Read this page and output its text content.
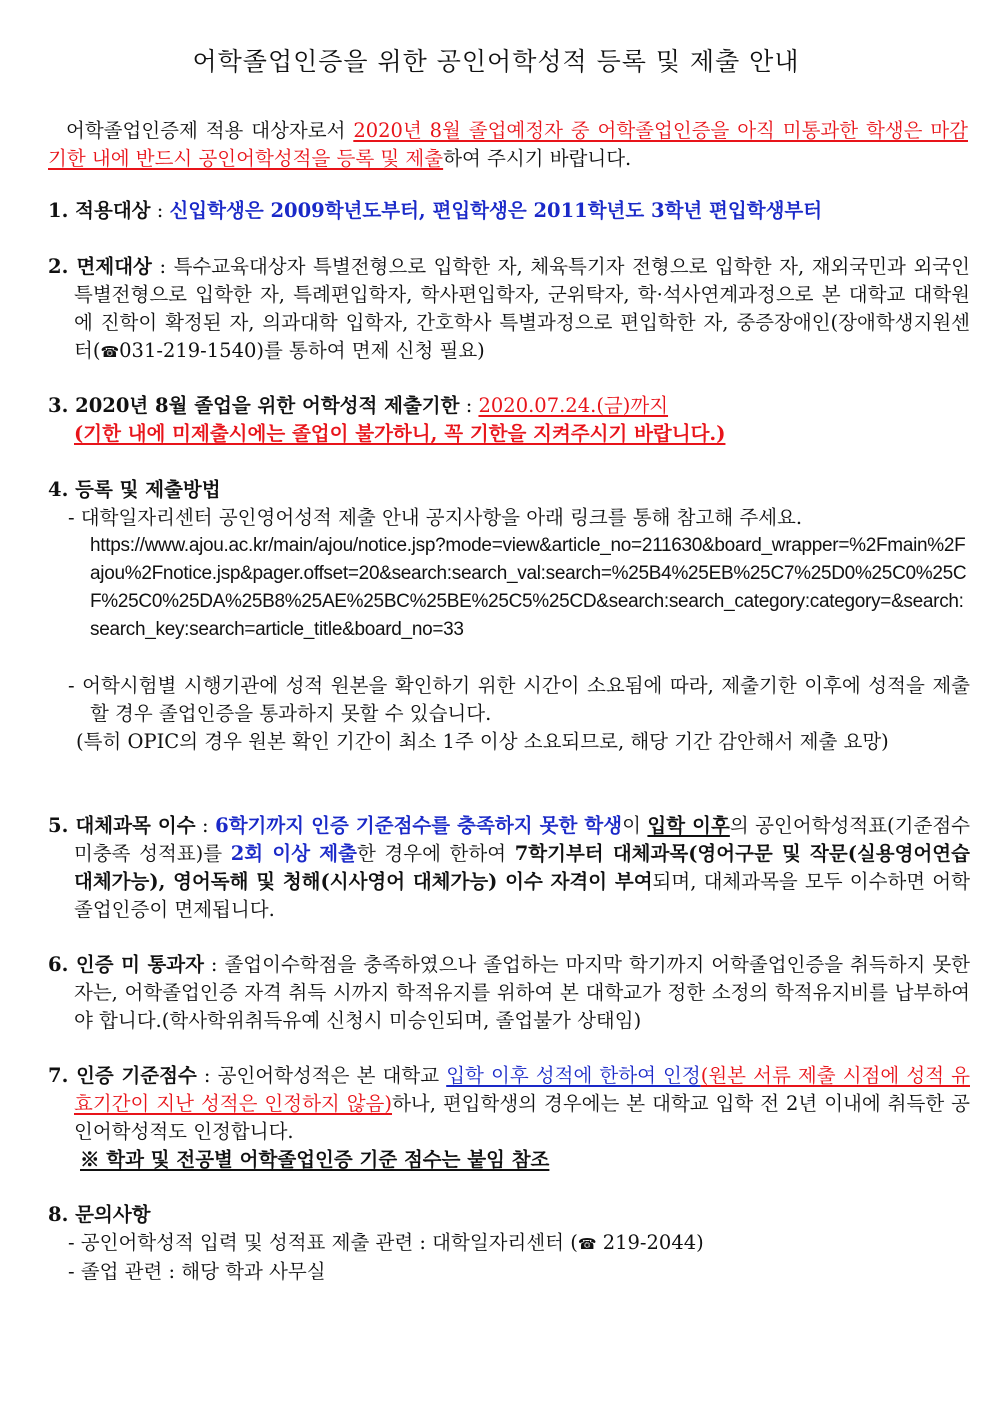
어학졸업인증을 위한 공인어학성적 등록 및 제출 안내

어학졸업인증제 적용 대상자로서 2020년 8월 졸업예정자 중 어학졸업인증을 아직 미통과한 학생은 마감 기한 내에 반드시 공인어학성적을 등록 및 제출하여 주시기 바랍니다.

1. 적용대상 : 신입학생은 2009학년도부터, 편입학생은 2011학년도 3학년 편입학생부터

2. 면제대상 : 특수교육대상자 특별전형으로 입학한 자, 체육특기자 전형으로 입학한 자, 재외국민과 외국인 특별전형으로 입학한 자, 특례편입학자, 학사편입학자, 군위탁자, 학·석사연계과정으로 본 대학교 대학원에 진학이 확정된 자, 의과대학 입학자, 간호학사 특별과정으로 편입학한 자, 중증장애인(장애학생지원센터(☎031-219-1540)를 통하여 면제 신청 필요)

3. 2020년 8월 졸업을 위한 어학성적 제출기한 : 2020.07.24.(금)까지

(기한 내에 미제출시에는 졸업이 불가하니, 꼭 기한을 지켜주시기 바랍니다.)

4. 등록 및 제출방법

- 대학일자리센터 공인영어성적 제출 안내 공지사항을 아래 링크를 통해 참고해 주세요.

https://www.ajou.ac.kr/main/ajou/notice.jsp?mode=view&article_no=211630&board_wrapper=%2Fmain%2Fajou%2Fnotice.jsp&pager.offset=20&search:search_val:search=%25B4%25EB%25C7%25D0%25C0%25CF%25C0%25DA%25B8%25AE%25BC%25BE%25C5%25CD&search:search_category:category=&search:search_key:search=article_title&board_no=33

- 어학시험별 시행기관에 성적 원본을 확인하기 위한 시간이 소요됨에 따라, 제출기한 이후에 성적을 제출할 경우 졸업인증을 통과하지 못할 수 있습니다.

(특히 OPIC의 경우 원본 확인 기간이 최소 1주 이상 소요되므로, 해당 기간 감안해서 제출 요망)

5. 대체과목 이수 : 6학기까지 인증 기준점수를 충족하지 못한 학생이 입학 이후의 공인어학성적표(기준점수 미충족 성적표)를 2회 이상 제출한 경우에 한하여 7학기부터 대체과목(영어구문 및 작문(실용영어연습 대체가능), 영어독해 및 청해(시사영어 대체가능) 이수 자격이 부여되며, 대체과목을 모두 이수하면 어학졸업인증이 면제됩니다.

6. 인증 미 통과자 : 졸업이수학점을 충족하였으나 졸업하는 마지막 학기까지 어학졸업인증을 취득하지 못한 자는, 어학졸업인증 자격 취득 시까지 학적유지를 위하여 본 대학교가 정한 소정의 학적유지비를 납부하여야 합니다.(학사학위취득유예 신청시 미승인되며, 졸업불가 상태임)

7. 인증 기준점수 : 공인어학성적은 본 대학교 입학 이후 성적에 한하여 인정(원본 서류 제출 시점에 성적 유효기간이 지난 성적은 인정하지 않음)하나, 편입학생의 경우에는 본 대학교 입학 전 2년 이내에 취득한 공인어학성적도 인정합니다.

※ 학과 및 전공별 어학졸업인증 기준 점수는 붙임 참조

8. 문의사항

- 공인어학성적 입력 및 성적표 제출 관련 : 대학일자리센터 (☎ 219-2044)

- 졸업 관련 : 해당 학과 사무실
